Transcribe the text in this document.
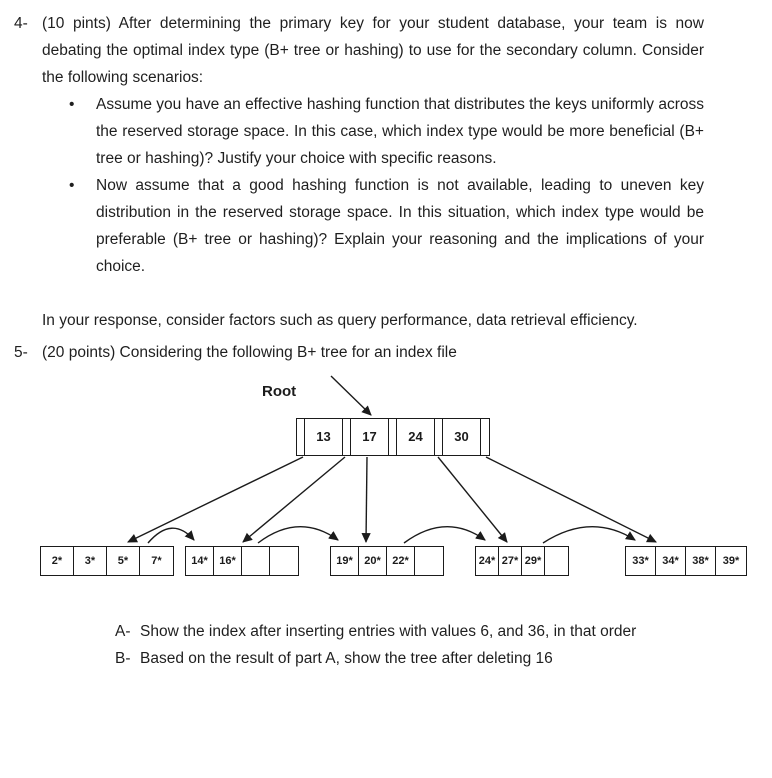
4- (10 pints) After determining the primary key for your student database, your team is now debating the optimal index type (B+ tree or hashing) to use for the secondary column. Consider the following scenarios:

•	Assume you have an effective hashing function that distributes the keys uniformly across the reserved storage space. In this case, which index type would be more beneficial (B+ tree or hashing)? Justify your choice with specific reasons.

•	Now assume that a good hashing function is not available, leading to uneven key distribution in the reserved storage space. In this situation, which index type would be preferable (B+ tree or hashing)? Explain your reasoning and the implications of your choice.

In your response, consider factors such as query performance, data retrieval efficiency.

5- (20 points) Considering the following B+ tree for an index file

Root
13	17	24	30
2*	3*	5*	7*	14*	16*	19*	20*	22*	24* 27* 29*	33*	34*	38*	39*
A- Show the index after inserting entries with values 6, and 36, in that order

B- Based on the result of part A, show the tree after deleting 16
